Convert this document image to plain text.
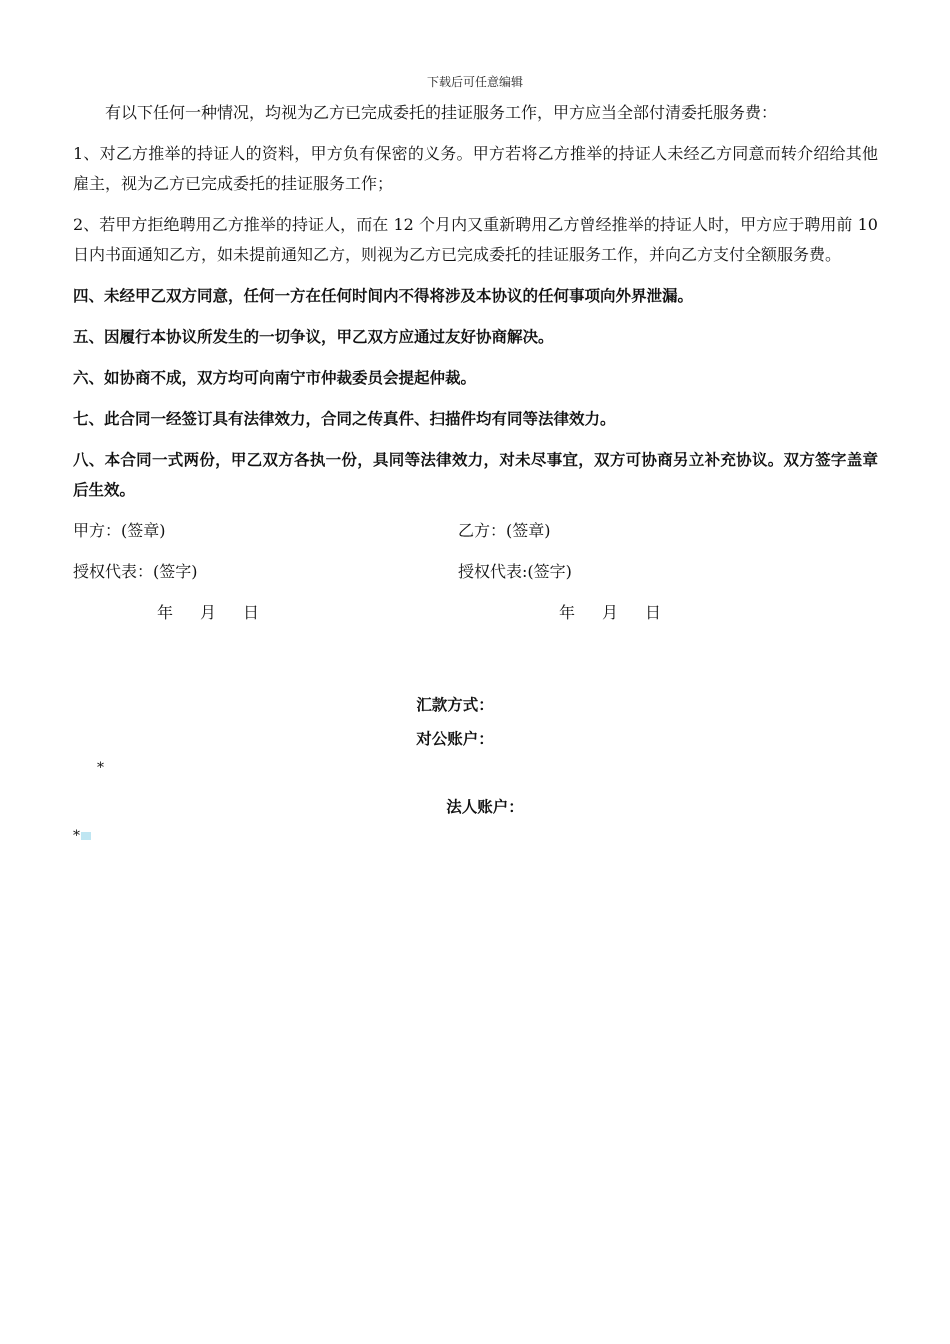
下载后可任意编辑

有以下任何一种情况，均视为乙方已完成委托的挂证服务工作，甲方应当全部付清委托服务费：

1、对乙方推举的持证人的资料，甲方负有保密的义务。甲方若将乙方推举的持证人未经乙方同意而转介绍给其他雇主，视为乙方已完成委托的挂证服务工作；

2、若甲方拒绝聘用乙方推举的持证人，而在 12 个月内又重新聘用乙方曾经推举的持证人时，甲方应于聘用前 10 日内书面通知乙方，如未提前通知乙方，则视为乙方已完成委托的挂证服务工作，并向乙方支付全额服务费。

四、未经甲乙双方同意，任何一方在任何时间内不得将涉及本协议的任何事项向外界泄漏。

五、因履行本协议所发生的一切争议，甲乙双方应通过友好协商解决。

六、如协商不成，双方均可向南宁市仲裁委员会提起仲裁。

七、此合同一经签订具有法律效力，合同之传真件、扫描件均有同等法律效力。

八、本合同一式两份，甲乙双方各执一份，具同等法律效力，对未尽事宜，双方可协商另立补充协议。双方签字盖章后生效。

甲方：(签章)	乙方：(签章)
授权代表：(签字)	授权代表:(签字)
年 月 日	年 月 日
汇款方式：
对公账户：
*
法人账户：
*
